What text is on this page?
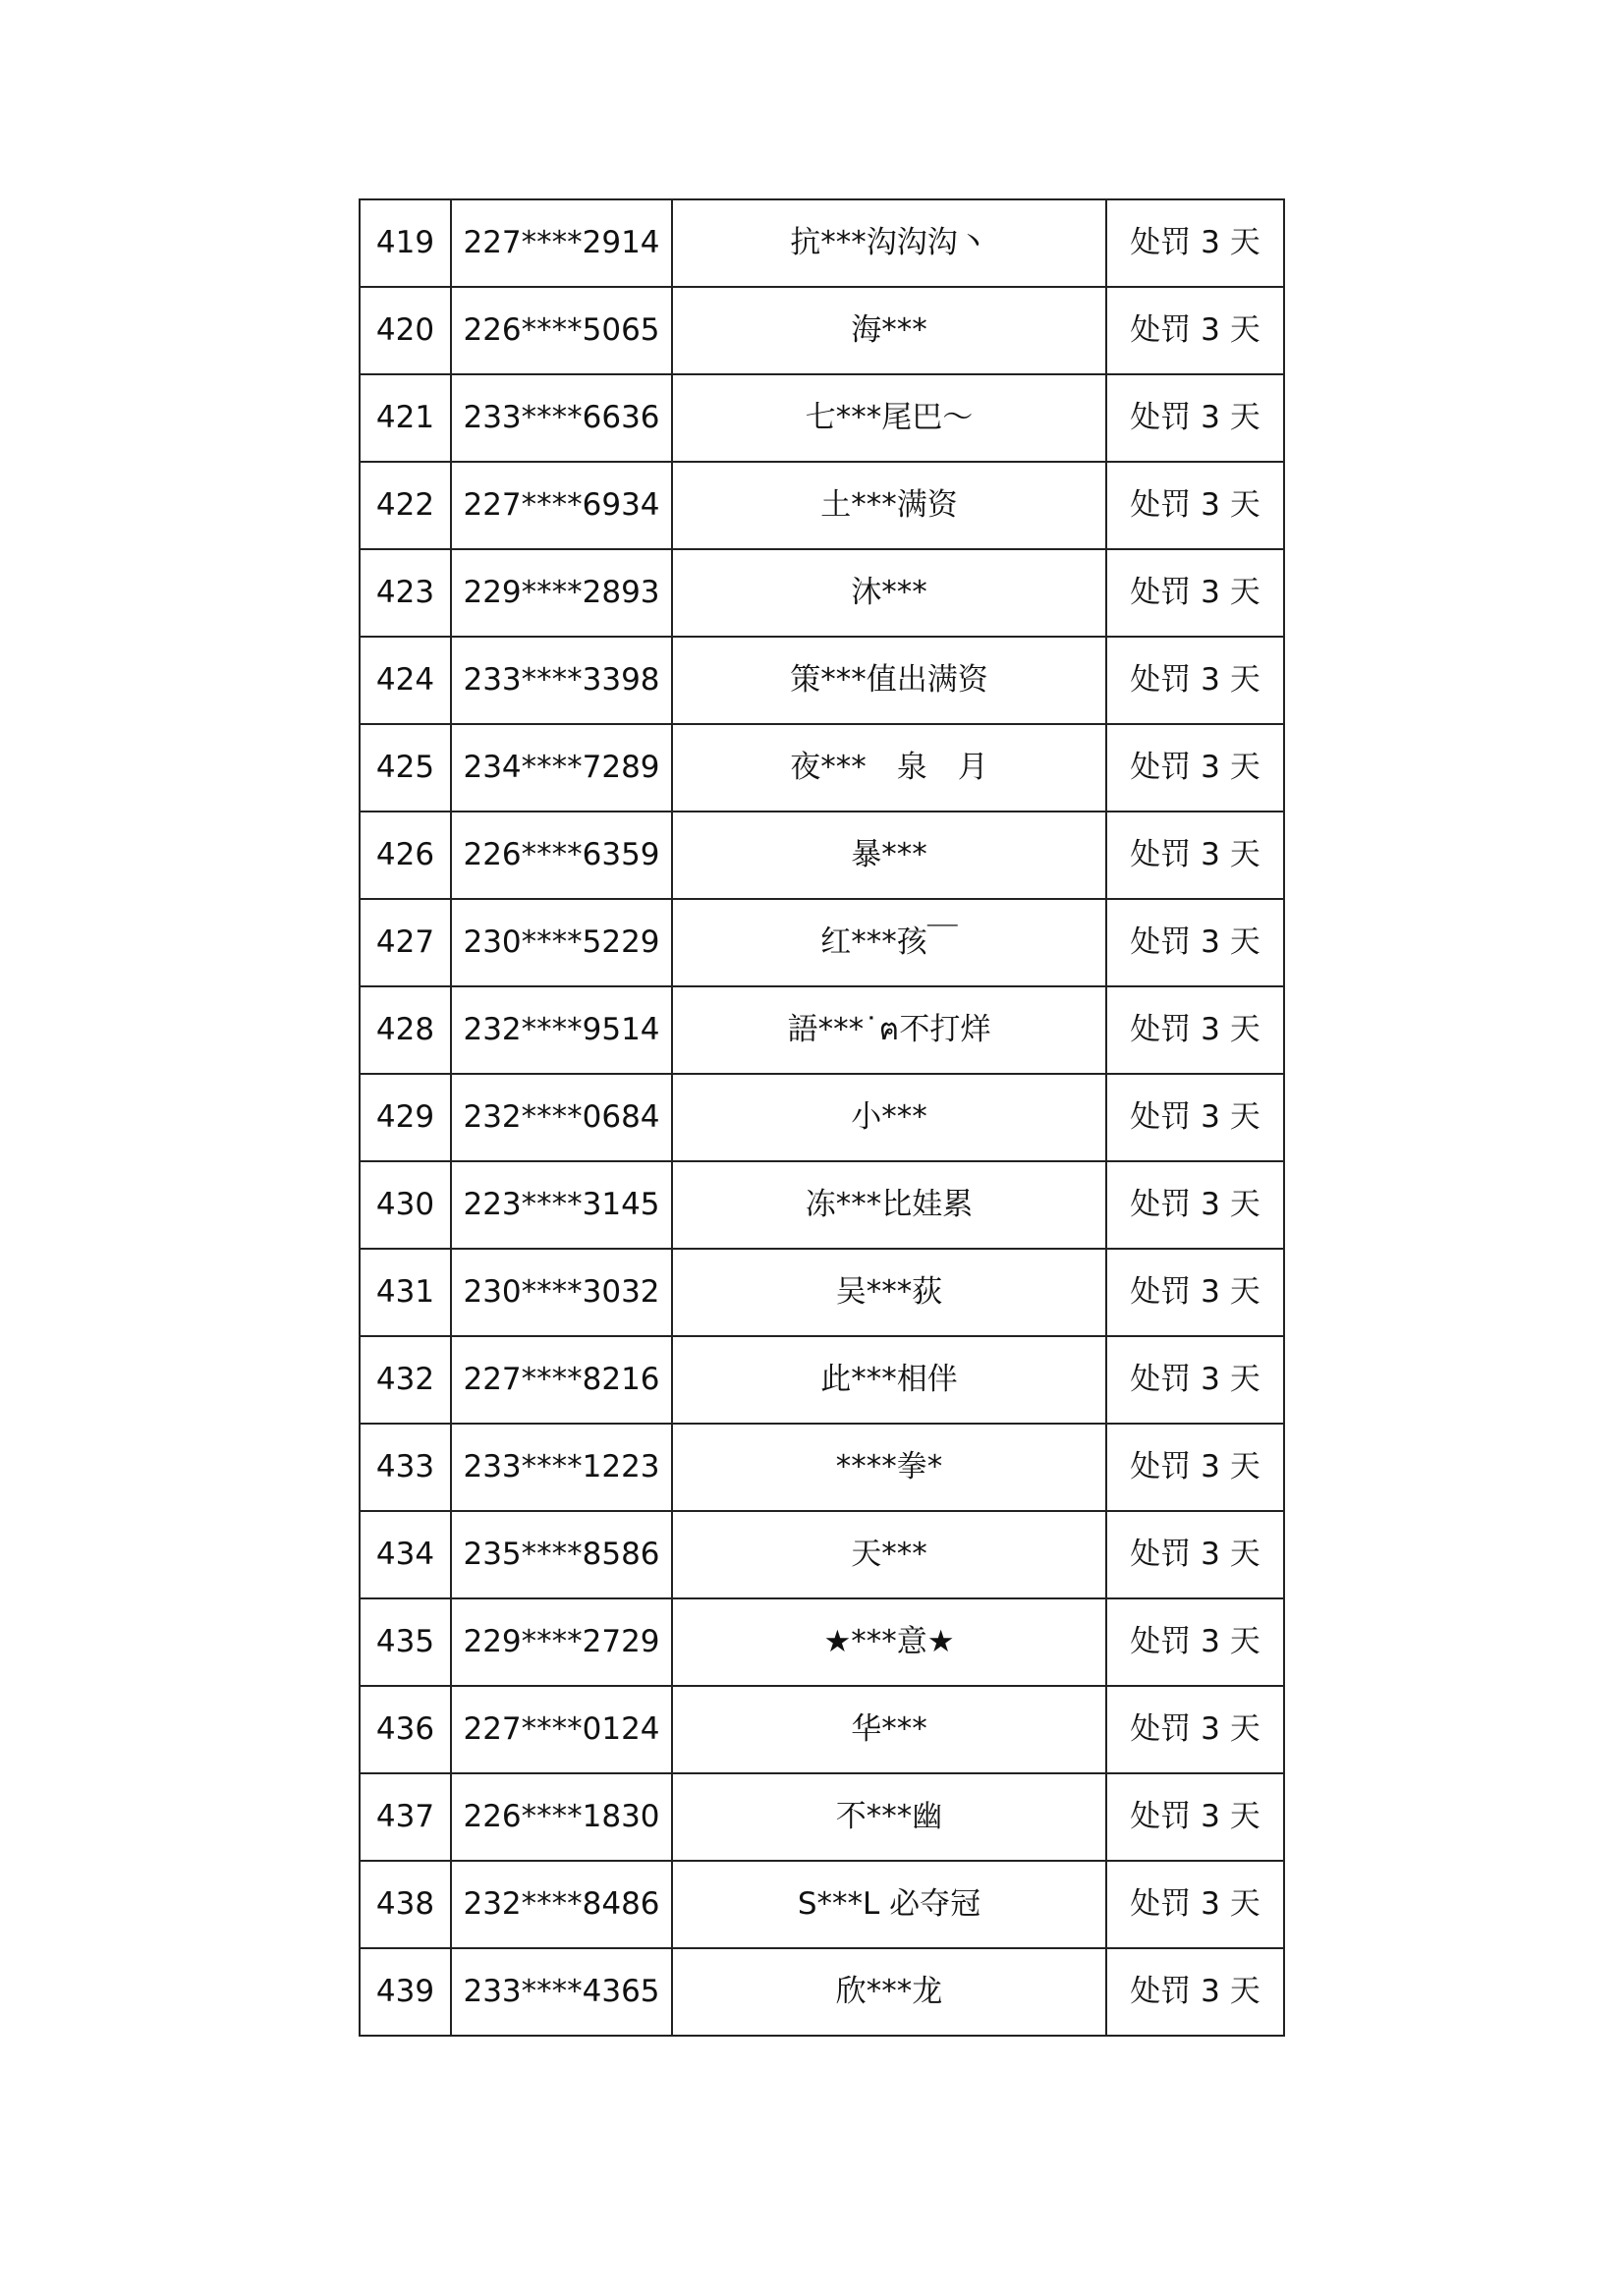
419	227****2914	抗***沟沟沟丶	处罚 3 天
420	226****5065	海***	处罚 3 天
421	233****6636	七***尾巴～	处罚 3 天
422	227****6934	土***满资	处罚 3 天
423	229****2893	沐***	处罚 3 天
424	233****3398	策***值出满资	处罚 3 天
425	234****7289	夜***　泉　月	处罚 3 天
426	226****6359	暴***	处罚 3 天
427	230****5229	红***孩￣	处罚 3 天
428	232****9514	語***˙ฅ不打烊	处罚 3 天
429	232****0684	小***	处罚 3 天
430	223****3145	冻***比娃累	处罚 3 天
431	230****3032	吴***荻	处罚 3 天
432	227****8216	此***相伴	处罚 3 天
433	233****1223	****拳*	处罚 3 天
434	235****8586	天***	处罚 3 天
435	229****2729	★***意★	处罚 3 天
436	227****0124	华***	处罚 3 天
437	226****1830	不***幽	处罚 3 天
438	232****8486	S***L 必夺冠	处罚 3 天
439	233****4365	欣***龙	处罚 3 天
